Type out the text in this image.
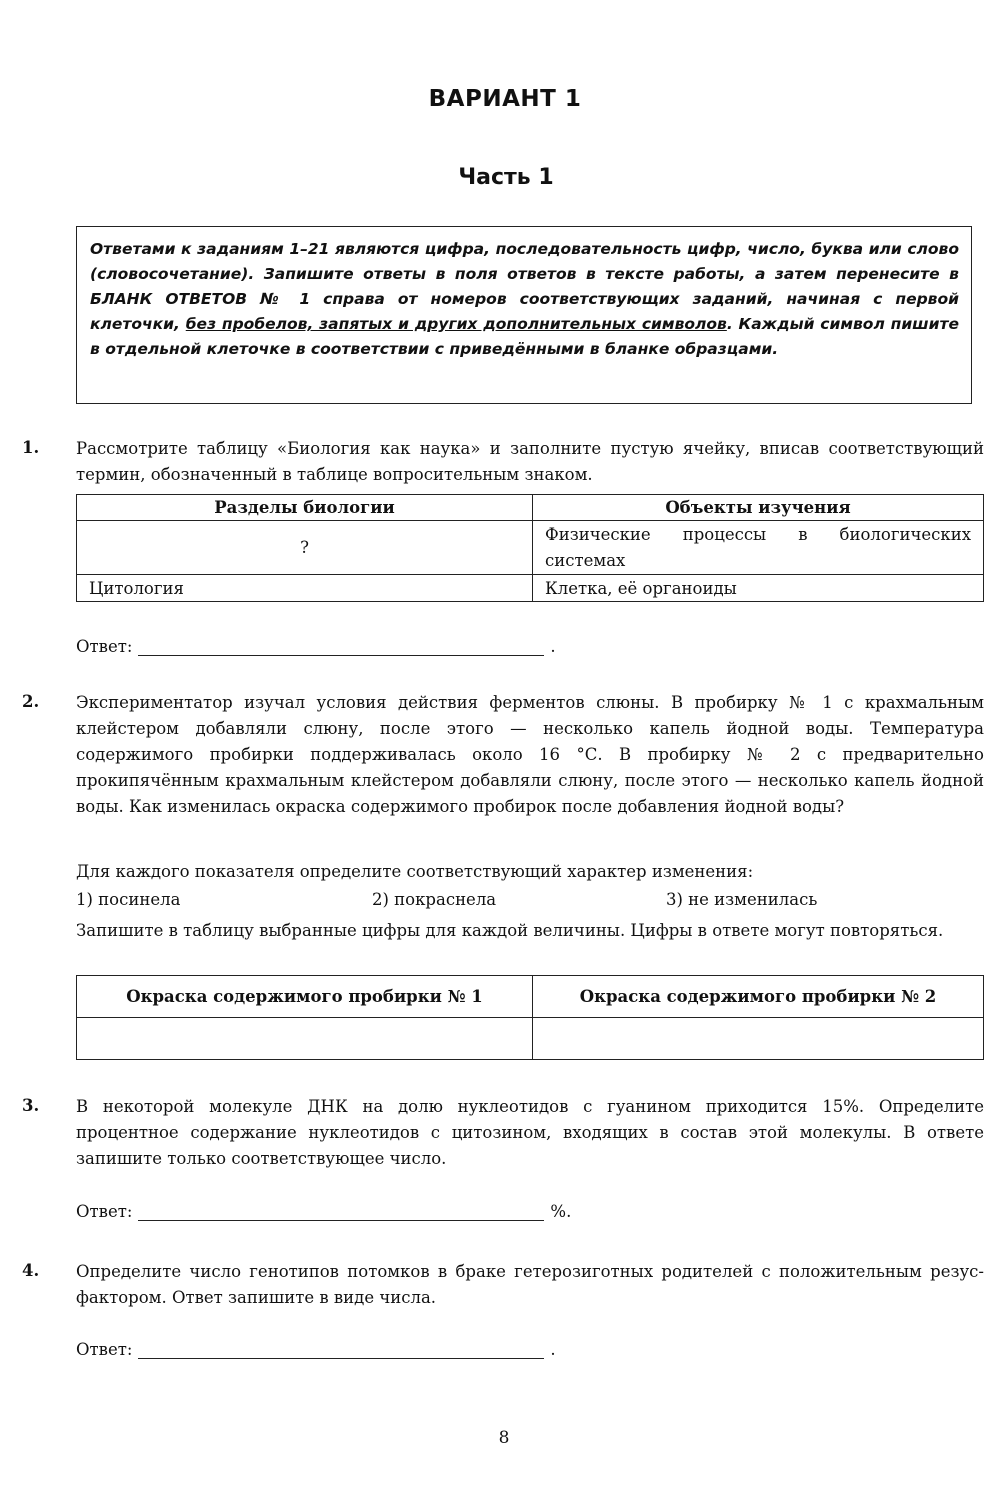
ВАРИАНТ 1
Часть 1
Ответами к заданиям 1–21 являются цифра, последовательность цифр, число, буква или слово (словосочетание). Запишите ответы в поля ответов в тексте работы, а затем перенесите в БЛАНК ОТВЕТОВ № 1 справа от номеров соответствующих заданий, начиная с первой клеточки, без пробелов, запятых и других дополнительных символов. Каждый символ пишите в отдельной клеточке в соответствии с приведёнными в бланке образцами.
1. Рассмотрите таблицу «Биология как наука» и заполните пустую ячейку, вписав соответствующий термин, обозначенный в таблице вопросительным знаком.

Разделы биологии	Объекты изучения
?	Физические процессы в биологических системах
Цитология	Клетка, её органоиды
Ответ:	.
2. Экспериментатор изучал условия действия ферментов слюны. В пробирку № 1 с крахмальным клейстером добавляли слюну, после этого — несколько капель йодной воды. Температура содержимого пробирки поддерживалась около 16 °С. В пробирку № 2 с предварительно прокипячённым крахмальным клейстером добавляли слюну, после этого — несколько капель йодной воды. Как изменилась окраска содержимого пробирок после добавления йодной воды?

Для каждого показателя определите соответствующий характер изменения:

1) посинела	2) покраснела	3) не изменилась

Запишите в таблицу выбранные цифры для каждой величины. Цифры в ответе могут повторяться.

Окраска содержимого пробирки № 1	Окраска содержимого пробирки № 2

3. В некоторой молекуле ДНК на долю нуклеотидов с гуанином приходится 15%. Определите процентное содержание нуклеотидов с цитозином, входящих в состав этой молекулы. В ответе запишите только соответствующее число.

Ответ:	%.
4. Определите число генотипов потомков в браке гетерозиготных родителей с положительным резус-фактором. Ответ запишите в виде числа.

Ответ:	.
8
